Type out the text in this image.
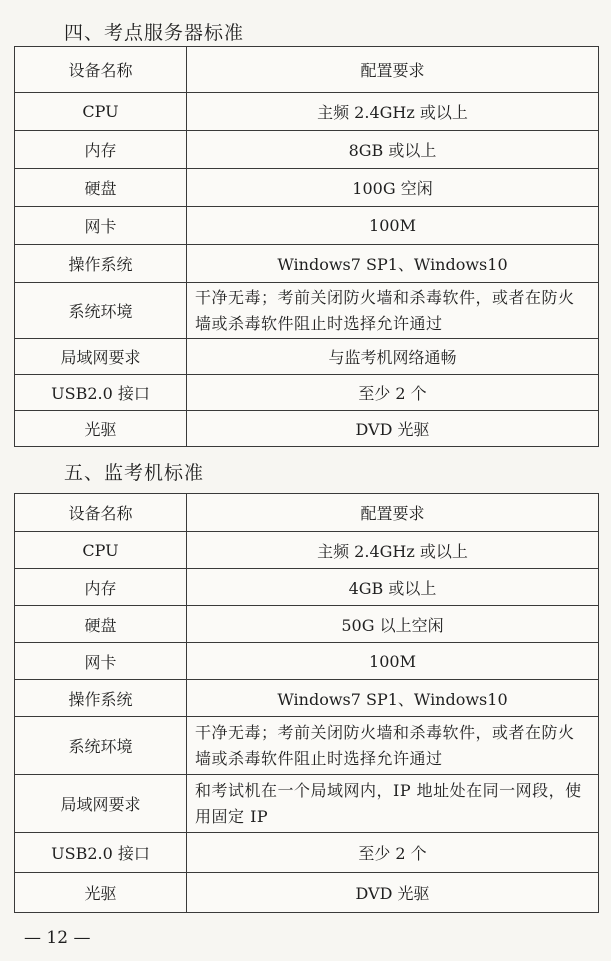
四、考点服务器标准
设备名称	配置要求
CPU	主频 2.4GHz 或以上
内存	8GB 或以上
硬盘	100G 空闲
网卡	100M
操作系统	Windows7 SP1、Windows10
系统环境	干净无毒；考前关闭防火墙和杀毒软件，或者在防火墙或杀毒软件阻止时选择允许通过
局域网要求	与监考机网络通畅
USB2.0 接口	至少 2 个
光驱	DVD 光驱
五、监考机标准
设备名称	配置要求
CPU	主频 2.4GHz 或以上
内存	4GB 或以上
硬盘	50G 以上空闲
网卡	100M
操作系统	Windows7 SP1、Windows10
系统环境	干净无毒；考前关闭防火墙和杀毒软件，或者在防火墙或杀毒软件阻止时选择允许通过
局域网要求	和考试机在一个局域网内，IP 地址处在同一网段，使用固定 IP
USB2.0 接口	至少 2 个
光驱	DVD 光驱
— 12 —
